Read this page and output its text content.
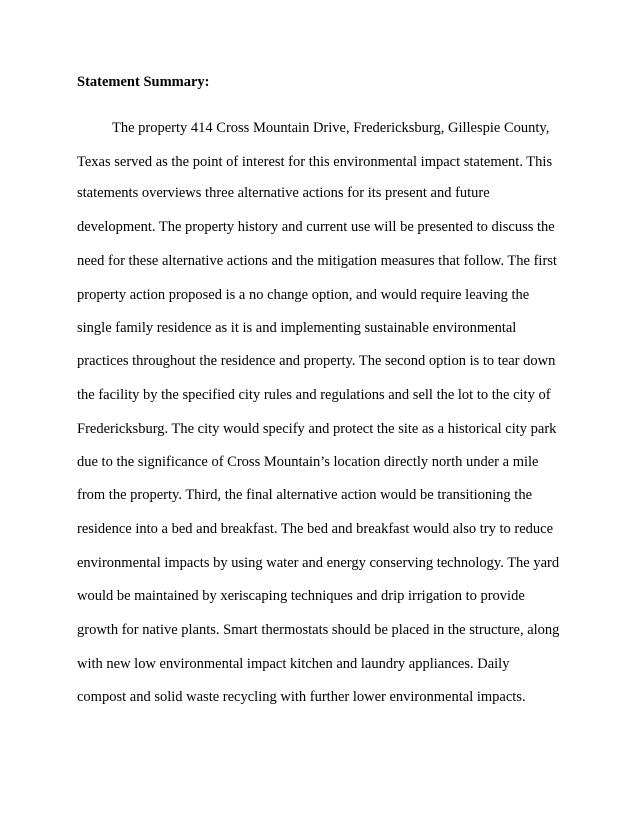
Statement Summary:
The property 414 Cross Mountain Drive, Fredericksburg, Gillespie County,
Texas served as the point of interest for this environmental impact statement. This
statements overviews three alternative actions for its present and future
development. The property history and current use will be presented to discuss the
need for these alternative actions and the mitigation measures that follow. The first
property action proposed is a no change option, and would require leaving the
single family residence as it is and implementing sustainable environmental
practices throughout the residence and property. The second option is to tear down
the facility by the specified city rules and regulations and sell the lot to the city of
Fredericksburg. The city would specify and protect the site as a historical city park
due to the significance of Cross Mountain’s location directly north under a mile
from the property. Third, the final alternative action would be transitioning the
residence into a bed and breakfast. The bed and breakfast would also try to reduce
environmental impacts by using water and energy conserving technology. The yard
would be maintained by xeriscaping techniques and drip irrigation to provide
growth for native plants. Smart thermostats should be placed in the structure, along
with new low environmental impact kitchen and laundry appliances. Daily
compost and solid waste recycling with further lower environmental impacts.
